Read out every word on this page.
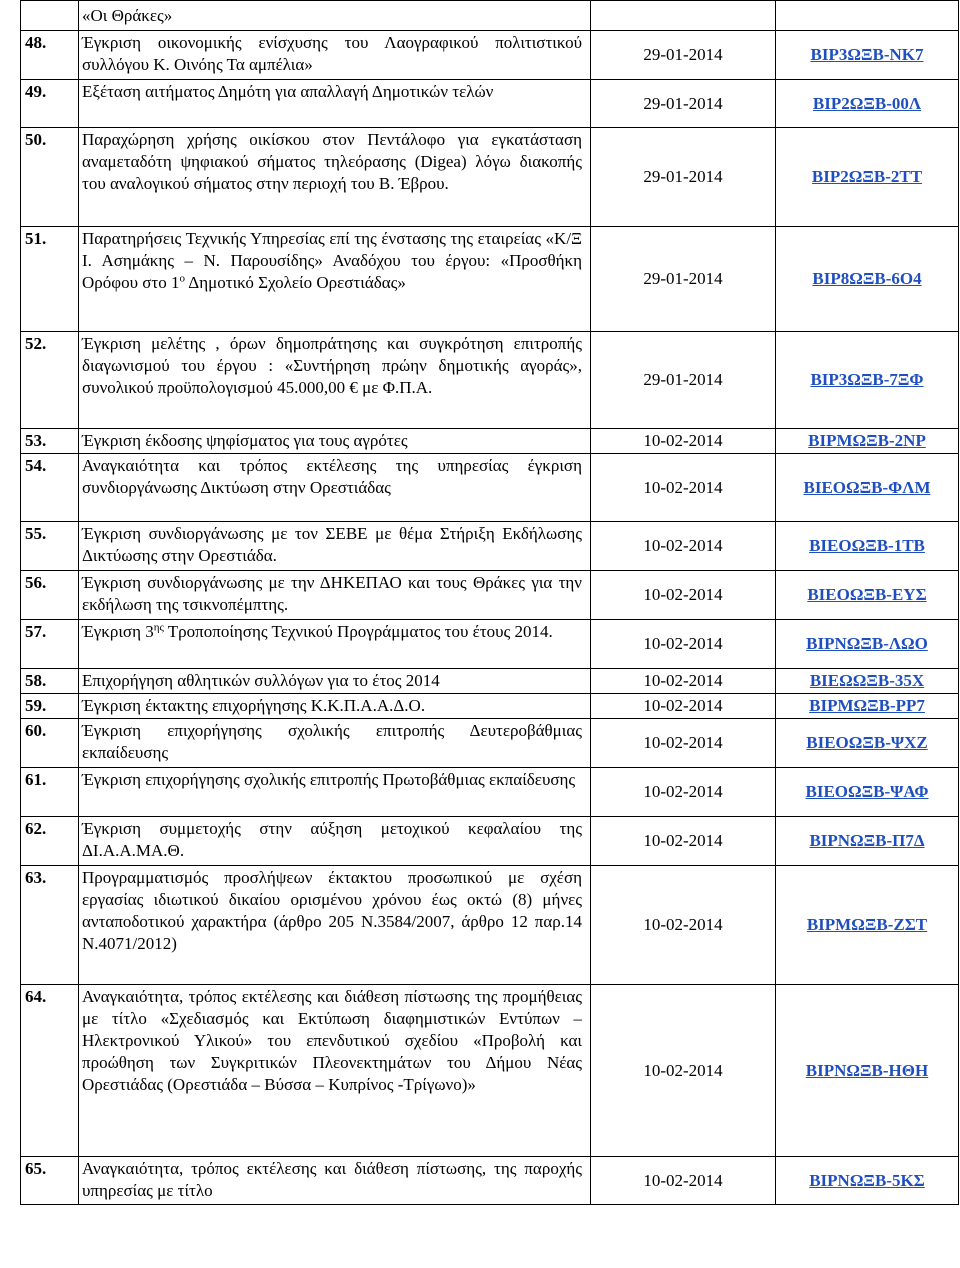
	«Οι Θράκες»		
48.	Έγκριση οικονομικής ενίσχυσης του Λαογραφικού πολιτιστικού συλλόγου Κ. Οινόης Τα αμπέλια»	29-01-2014	ΒΙΡ3ΩΞΒ-ΝΚ7
49.	Εξέταση αιτήματος Δημότη για απαλλαγή Δημοτικών τελών	29-01-2014	ΒΙΡ2ΩΞΒ-00Λ
50.	Παραχώρηση χρήσης οικίσκου στον Πεντάλοφο για εγκατάσταση αναμεταδότη ψηφιακού σήματος τηλεόρασης (Digea) λόγω διακοπής του αναλογικού σήματος στην περιοχή του Β. Έβρου.	29-01-2014	ΒΙΡ2ΩΞΒ-2ΤΤ
51.	Παρατηρήσεις Τεχνικής Υπηρεσίας επί της ένστασης της εταιρείας «Κ/Ξ Ι. Ασημάκης – Ν. Παρουσίδης» Αναδόχου του έργου: «Προσθήκη Ορόφου στο $1^o$ Δημοτικό Σχολείο Ορεστιάδας»	29-01-2014	ΒΙΡ8ΩΞΒ-6Ο4
52.	Έγκριση μελέτης , όρων δημοπράτησης και συγκρότηση επιτροπής διαγωνισμού του έργου : «Συντήρηση πρώην δημοτικής αγοράς», συνολικού προϋπολογισμού 45.000,00 € με Φ.Π.Α.	29-01-2014	ΒΙΡ3ΩΞΒ-7ΞΦ
53.	Έγκριση έκδοσης ψηφίσματος για τους αγρότες	10-02-2014	ΒΙΡΜΩΞΒ-2ΝΡ
54.	Αναγκαιότητα και τρόπος εκτέλεσης της υπηρεσίας έγκριση συνδιοργάνωσης Δικτύωση στην Ορεστιάδας	10-02-2014	ΒΙΕΟΩΞΒ-ΦΛΜ
55.	Έγκριση συνδιοργάνωσης με τον ΣΕΒΕ με θέμα Στήριξη Εκδήλωσης Δικτύωσης στην Ορεστιάδα.	10-02-2014	ΒΙΕΟΩΞΒ-1ΤΒ
56.	Έγκριση συνδιοργάνωσης με την ΔΗΚΕΠΑΟ και τους Θράκες για την εκδήλωση της τσικνοπέμπτης.	10-02-2014	ΒΙΕΟΩΞΒ-ΕΥΣ
57.	Έγκριση $3^{\eta\varsigma}$ Τροποποίησης Τεχνικού Προγράμματος του έτους 2014.	10-02-2014	ΒΙΡΝΩΞΒ-ΛΩΟ
58.	Επιχορήγηση αθλητικών συλλόγων για το έτος 2014	10-02-2014	ΒΙΕΩΩΞΒ-35Χ
59.	Έγκριση έκτακτης επιχορήγησης Κ.Κ.Π.Α.Α.Δ.Ο.	10-02-2014	ΒΙΡΜΩΞΒ-ΡΡ7
60.	Έγκριση επιχορήγησης σχολικής επιτροπής Δευτεροβάθμιας εκπαίδευσης	10-02-2014	ΒΙΕΟΩΞΒ-ΨΧΖ
61.	Έγκριση επιχορήγησης σχολικής επιτροπής Πρωτοβάθμιας εκπαίδευσης	10-02-2014	ΒΙΕΟΩΞΒ-ΨΑΦ
62.	Έγκριση συμμετοχής στην αύξηση μετοχικού κεφαλαίου της ΔΙ.Α.Α.ΜΑ.Θ.	10-02-2014	ΒΙΡΝΩΞΒ-Π7Δ
63.	Προγραμματισμός προσλήψεων έκτακτου προσωπικού με σχέση εργασίας ιδιωτικού δικαίου ορισμένου χρόνου έως οκτώ (8) μήνες ανταποδοτικού χαρακτήρα (άρθρο 205 Ν.3584/2007, άρθρο 12 παρ.14 Ν.4071/2012)	10-02-2014	ΒΙΡΜΩΞΒ-ΖΣΤ
64.	Αναγκαιότητα, τρόπος εκτέλεσης και διάθεση πίστωσης της προμήθειας με τίτλο «Σχεδιασμός και Εκτύπωση διαφημιστικών Εντύπων – Ηλεκτρονικού Υλικού» του επενδυτικού σχεδίου «Προβολή και προώθηση των Συγκριτικών Πλεονεκτημάτων του Δήμου Νέας Ορεστιάδας (Ορεστιάδα – Βύσσα – Κυπρίνος -Τρίγωνο)»	10-02-2014	ΒΙΡΝΩΞΒ-ΗΘΗ
65.	Αναγκαιότητα, τρόπος εκτέλεσης και διάθεση πίστωσης, της παροχής υπηρεσίας με τίτλο	10-02-2014	ΒΙΡΝΩΞΒ-5ΚΣ
